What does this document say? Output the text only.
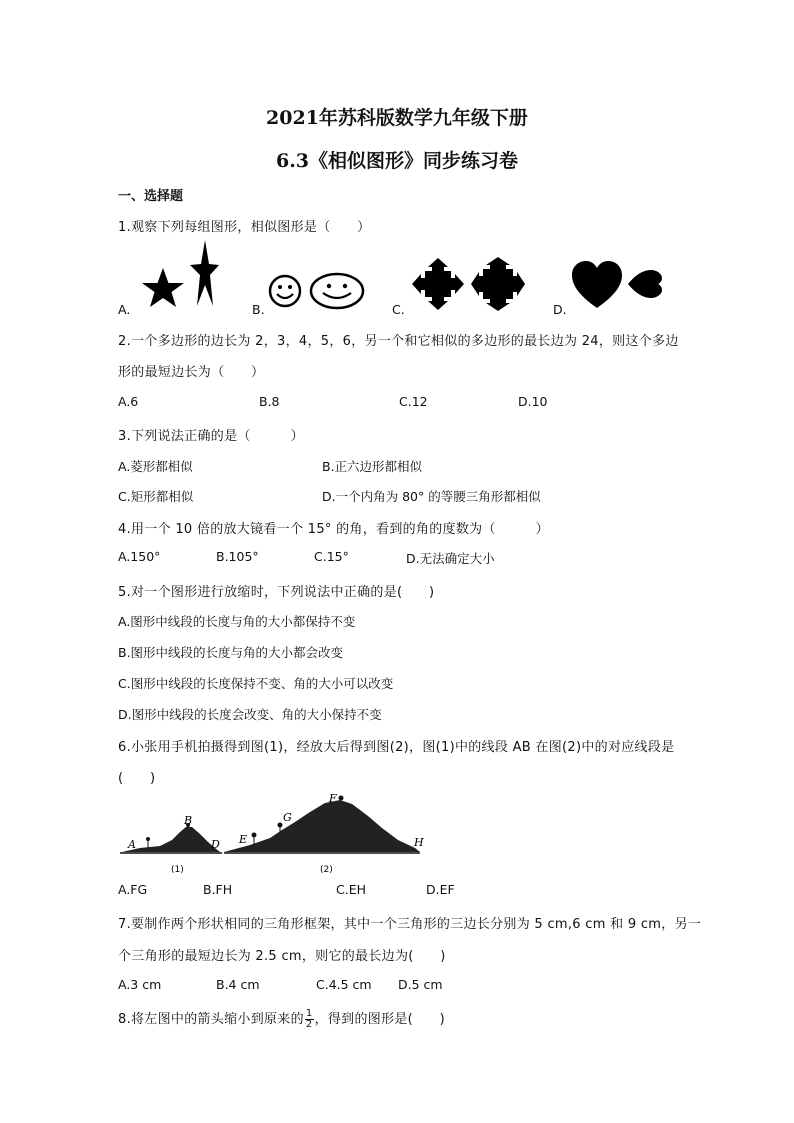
2021年苏科版数学九年级下册
6.3《相似图形》同步练习卷
一、选择题
1.观察下列每组图形，相似图形是（　　）
A.	B.	C.	D.
2.一个多边形的边长为 2，3，4，5，6，另一个和它相似的多边形的最长边为 24，则这个多边
形的最短边长为（　　）
A.6	B.8	C.12	D.10
3.下列说法正确的是（　　　）
A.菱形都相似	B.正六边形都相似
C.矩形都相似	D.一个内角为 80° 的等腰三角形都相似
4.用一个 10 倍的放大镜看一个 15° 的角，看到的角的度数为（　　　）
A.150°	B.105°	C.15°	D.无法确定大小
5.对一个图形进行放缩时，下列说法中正确的是(　　)
A.图形中线段的长度与角的大小都保持不变
B.图形中线段的长度与角的大小都会改变
C.图形中线段的长度保持不变、角的大小可以改变
D.图形中线段的长度会改变、角的大小保持不变
6.小张用手机拍摄得到图(1)，经放大后得到图(2)，图(1)中的线段 AB 在图(2)中的对应线段是
(　　)
A
B
D
(1)
E
G
F
H
(2)
A.FG	B.FH	C.EH	D.EF
7.要制作两个形状相同的三角形框架，其中一个三角形的三边长分别为 5 cm,6 cm 和 9 cm，另一
个三角形的最短边长为 2.5 cm，则它的最长边为(　　)
A.3 cm	B.4 cm	C.4.5 cm D.5 cm
8.将左图中的箭头缩小到原来的 $\frac{1}{2}$ ，得到的图形是(　　)
